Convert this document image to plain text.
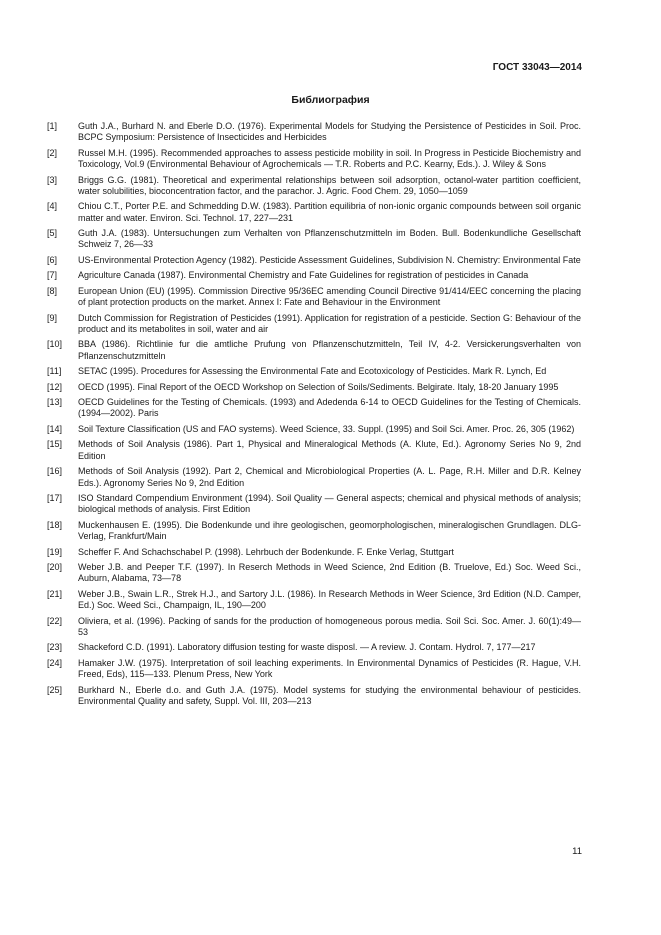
ГОСТ 33043—2014
Библиография
[1]	Guth J.A., Burhard N. and Eberle D.O. (1976). Experimental Models for Studying the Persistence of Pesticides in Soil. Proc. BCPC Symposium: Persistence of Insecticides and Herbicides
[2]	Russel M.H. (1995). Recommended approaches to assess pesticide mobility in soil. In Progress in Pesticide Biochemistry and Toxicology, Vol.9 (Environmental Behaviour of Agrochemicals — T.R. Roberts and P.C. Kearny, Eds.). J. Wiley & Sons
[3]	Briggs G.G. (1981). Theoretical and experimental relationships between soil adsorption, octanol-water partition coefficient, water solubilities, bioconcentration factor, and the parachor. J. Agric. Food Chem. 29, 1050—1059
[4]	Chiou C.T., Porter P.E. and Schmedding D.W. (1983). Partition equilibria of non-ionic organic compounds between soil organic matter and water. Environ. Sci. Technol. 17, 227—231
[5]	Guth J.A. (1983). Untersuchungen zum Verhalten von Pflanzenschutzmitteln im Boden. Bull. Bodenkundliche Gesellschaft Schweiz 7, 26—33
[6]	US-Environmental Protection Agency (1982). Pesticide Assessment Guidelines, Subdivision N. Chemistry: Environmental Fate
[7]	Agriculture Canada (1987). Environmental Chemistry and Fate Guidelines for registration of pesticides in Canada
[8]	European Union (EU) (1995). Commission Directive 95/36EC amending Council Directive 91/414/EEC concerning the placing of plant protection products on the market. Annex I: Fate and Behaviour in the Environment
[9]	Dutch Commission for Registration of Pesticides (1991). Application for registration of a pesticide. Section G: Behaviour of the product and its metabolites in soil, water and air
[10]	BBA (1986). Richtlinie fur die amtliche Prufung von Pflanzenschutzmitteln, Teil IV, 4-2. Versickerungsverhalten von Pflanzenschutzmitteln
[11]	SETAC (1995). Procedures for Assessing the Environmental Fate and Ecotoxicology of Pesticides. Mark R. Lynch, Ed
[12]	OECD (1995). Final Report of the OECD Workshop on Selection of Soils/Sediments. Belgirate. Italy, 18-20 January 1995
[13]	OECD Guidelines for the Testing of Chemicals. (1993) and Adedenda 6-14 to OECD Guidelines for the Testing of Chemicals. (1994—2002). Paris
[14]	Soil Texture Classification (US and FAO systems). Weed Science, 33. Suppl. (1995) and Soil Sci. Amer. Proc. 26, 305 (1962)
[15]	Methods of Soil Analysis (1986). Part 1, Physical and Mineralogical Methods (A. Klute, Ed.). Agronomy Series No 9, 2nd Edition
[16]	Methods of Soil Analysis (1992). Part 2, Chemical and Microbiological Properties (A. L. Page, R.H. Miller and D.R. Kelney Eds.). Agronomy Series No 9, 2nd Edition
[17]	ISO Standard Compendium Environment (1994). Soil Quality — General aspects; chemical and physical methods of analysis; biological methods of analysis. First Edition
[18]	Muckenhausen E. (1995). Die Bodenkunde und ihre geologischen, geomorphologischen, mineralogischen Grundlagen. DLG-Verlag, Frankfurt/Main
[19]	Scheffer F. And Schachschabel P. (1998). Lehrbuch der Bodenkunde. F. Enke Verlag, Stuttgart
[20]	Weber J.B. and Peeper T.F. (1997). In Reserch Methods in Weed Science, 2nd Edition (B. Truelove, Ed.) Soc. Weed Sci., Auburn, Alabama, 73—78
[21]	Weber J.B., Swain L.R., Strek H.J., and Sartory J.L. (1986). In Research Methods in Weer Science, 3rd Edition (N.D. Camper, Ed.) Soc. Weed Sci., Champaign, IL, 190—200
[22]	Oliviera, et al. (1996). Packing of sands for the production of homogeneous porous media. Soil Sci. Soc. Amer. J. 60(1):49—53
[23]	Shackeford C.D. (1991). Laboratory diffusion testing for waste disposl. — A review. J. Contam. Hydrol. 7, 177—217
[24]	Hamaker J.W. (1975). Interpretation of soil leaching experiments. In Environmental Dynamics of Pesticides (R. Hague, V.H. Freed, Eds), 115—133. Plenum Press, New York
[25]	Burkhard N., Eberle d.o. and Guth J.A. (1975). Model systems for studying the environmental behaviour of pesticides. Environmental Quality and safety, Suppl. Vol. III, 203—213
11
